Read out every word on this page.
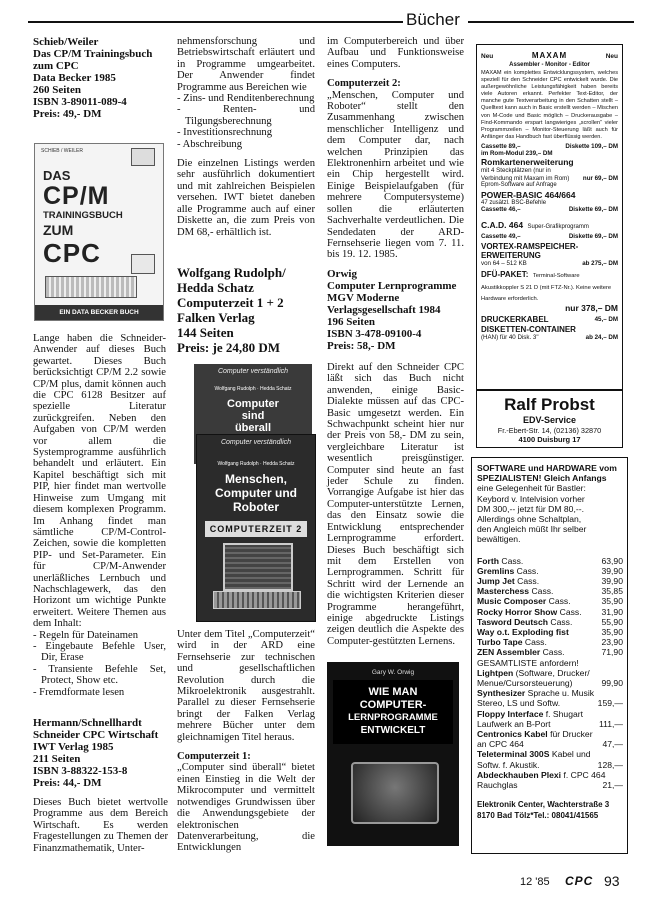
Bücher

Schieb/Weiler

Das CP/M Trainingsbuch

zum CPC

Data Becker 1985

260 Seiten

ISBN 3-89011-089-4

Preis: 49,- DM

SCHIEB / WEILER
DAS
CP/M
TRAININGSBUCH
ZUM
CPC
EIN DATA BECKER BUCH

Lange haben die Schneider-Anwender auf dieses Buch gewartet. Dieses Buch berücksichtigt CP/M 2.2 sowie CP/M plus, damit können auch die CPC 6128 Besitzer auf spezielle Literatur zurückgreifen. Neben den Aufgaben von CP/M werden vor allem die Systemprogramme ausführlich behandelt und erläutert. Ein Kapitel beschäftigt sich mit PIP, hier findet man wertvolle Hinweise zum Umgang mit diesem komplexen Programm. Im Anhang findet man sämtliche CP/M-Control-Zeichen, sowie die kompletten PIP- und Set-Parameter. Ein für CP/M-Anwender unerläßliches Lernbuch und Nachschlagewerk, das den Horizont um wichtige Punkte erweitert. Weitere Themen aus dem Inhalt:

- Regeln für Dateinamen

- Eingebaute Befehle User, Dir, Erase

- Transiente Befehle Set, Protect, Show etc.

- Fremdformate lesen

Hermann/Schnellhardt

Schneider CPC Wirtschaft

IWT Verlag 1985

211 Seiten

ISBN 3-88322-153-8

Preis: 44,- DM

Dieses Buch bietet wertvolle Programme aus dem Bereich Wirtschaft. Es werden Fragestellungen zu Themen der Finanzmathematik, Unter-

nehmensforschung und Betriebswirtschaft erläutert und in Programme umgearbeitet. Der Anwender findet Programme aus Bereichen wie

- Zins- und Renditenberechnung

- Renten- und Tilgungsberechnung

- Investitionsrechnung

- Abschreibung

Die einzelnen Listings werden sehr ausführlich dokumentiert und mit zahlreichen Beispielen versehen. IWT bietet daneben alle Programme auch auf einer Diskette an, die zum Preis von DM 68,- erhältlich ist.

Wolfgang Rudolph/

Hedda Schatz

Computerzeit 1 + 2

Falken Verlag

144 Seiten

Preis: je 24,80 DM

Computer verständlich
Wolfgang Rudolph · Hedda Schatz
Computer
sind
überall
Computer verständlich
Wolfgang Rudolph · Hedda Schatz
Menschen,
Computer und
Roboter
COMPUTERZEIT 2

Unter dem Titel „Computerzeit“ wird in der ARD eine Fernsehserie zur technischen und gesellschaftlichen Revolution durch die Mikroelektronik ausgestrahlt. Parallel zu dieser Fernsehserie bringt der Falken Verlag mehrere Bücher unter dem gleichnamigen Titel heraus.

Computerzeit 1:

„Computer sind überall“ bietet einen Einstieg in die Welt der Mikrocomputer und vermittelt notwendiges Grundwissen über die Anwendungsgebiete der elektronischen Datenverarbeitung, die Entwicklungen

im Computerbereich und über Aufbau und Funktionsweise eines Computers.

Computerzeit 2:

„Menschen, Computer und Roboter“ stellt den Zusammenhang zwischen menschlicher Intelligenz und dem Computer dar, nach welchen Prinzipien das Elektronenhirn arbeitet und wie ein Chip hergestellt wird. Einige Beispielaufgaben (für mehrere Computersysteme) sollen die erläuterten Sachverhalte verdeutlichen. Die Sendedaten der ARD-Fernsehserie liegen vom 7. 11. bis 19. 12. 1985.

Orwig

Computer Lernprogramme

MGV Moderne

Verlagsgesellschaft 1984

196 Seiten

ISBN 3-478-09100-4

Preis: 58,- DM

Direkt auf den Schneider CPC läßt sich das Buch nicht anwenden, einige Basic-Dialekte müssen auf das CPC-Basic umgesetzt werden. Ein Schwachpunkt scheint hier nur der Preis von 58,- DM zu sein, vergleichbare Literatur ist wesentlich preisgünstiger. Computer sind heute an fast jeder Schule zu finden. Vorrangige Aufgabe ist hier das Computer-unterstützte Lernen, das den Einsatz sowie die Entwicklung entsprechender Lernprogramme erfordert. Dieses Buch beschäftigt sich mit dem Erstellen von Lernprogrammen. Schritt für Schritt wird der Lernende an die wichtigsten Kriterien dieser Programme herangeführt, einige abgedruckte Listings zeigen deutlich die Aspekte des Computer-gestützten Lernens.

Gary W. Orwig
WIE MAN
COMPUTER-
LERNPROGRAMME
ENTWICKELT
Neu	MAXAM	Neu
Assembler - Monitor - Editor
MAXAM ein komplettes Entwicklungssystem, welches speziell für den Schneider CPC entwickelt wurde. Die außergewöhnliche Leistungsfähigkeit haben bereits viele Autoren erkannt. Perfekter Text-Editor, der manche gute Textverarbeitung in den Schatten stellt – Quelltext kann auch in Basic erstellt werden – Mischen von M-Code und Basic möglich – Druckerausgabe – Find-Kommando erspart langwieriges „scrollen“ vieler Programmzeilen – Monitor-Steuerung läßt auch für Anfänger das Handbuch fast überflüssig werden.
Cassette 89,–	Diskette 109,– DM
im Rom-Modul 239,– DM
Romkartenerweiterung
mit 4 Steckplätzen (nur in Verbindung mit Maxam im Rom)	nur 69,– DM
Eprom-Software auf Anfrage
POWER-BASIC 464/664
47 zusätzl. BSC-Befehle
Cassette 46,–	Diskette 69,– DM
C.A.D. 464 Super-Grafikprogramm
Cassette 49,–	Diskette 69,– DM
VORTEX-RAMSPEICHER-ERWEITERUNG
von 64 – 512 KB	ab 275,– DM
DFÜ-PAKET: Terminal-Software Akustikkoppler S 21 D (mit FTZ-Nr.). Keine weitere Hardware erforderlich.
nur 378,– DM
DRUCKERKABEL	45,– DM
DISKETTEN-CONTAINER
(HAN) für 40 Disk. 3"	ab 24,– DM
Ralf Probst
EDV-Service
Fr.-Ebert-Str. 14, (02136) 32870
4100 Duisburg 17
SOFTWARE und HARDWARE vom
SPEZIALISTEN! Gleich Anfangs
eine Gelegenheit für Bastler:
Keybord v. Intelvision vorher
DM 300,-- jetzt für DM 80,--.
Allerdings ohne Schaltplan,
den Angleich müßt Ihr selber
bewältigen.
Forth Cass.	63,90
Gremlins Cass.	39,90
Jump Jet Cass.	39,90
Masterchess Cass.	35,85
Music Composer Cass.	35,90
Rocky Horror Show Cass. 31,90
Tasword Deutsch Cass.	55,90
Way o.t. Exploding fist	35,90
Turbo Tape Cass.	23,90
ZEN Assembler Cass.	71,90
GESAMTLISTE anfordern!
Lightpen (Software, Drucker/
Menue/Cursorsteuerung)	99,90
Synthesizer Sprache u. Musik
Stereo, LS und Softw.	159,—
Floppy Interface f. Shugart
Laufwerk an B-Port	111,—
Centronics Kabel für Drucker
an CPC 464	47,—
Teleterminal 300S Kabel und
Softw. f. Akustik.	128,—
Abdeckhauben Plexi f. CPC 464
Rauchglas	21,—
Elektronik Center, Wachterstraße 3
8170 Bad Tölz*Tel.: 08041/41565
12 '85 CPC 93
